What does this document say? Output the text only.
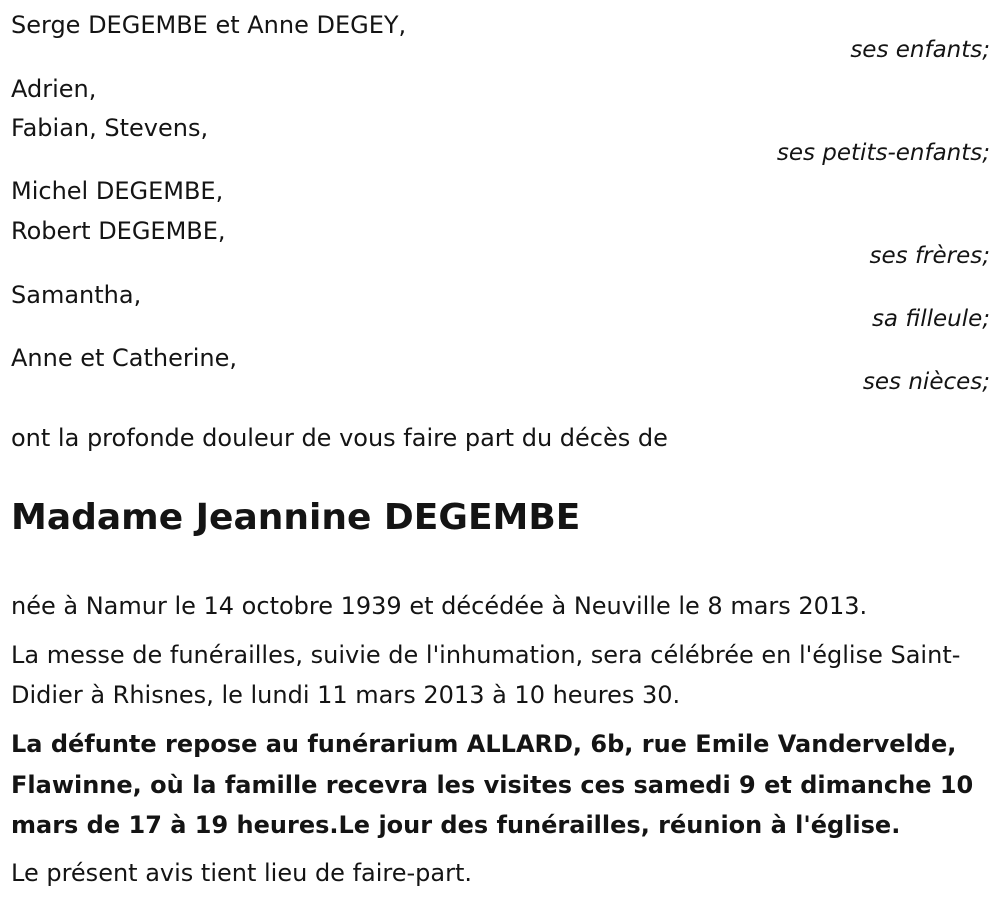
Serge DEGEMBE et Anne DEGEY,
ses enfants;
Adrien,
Fabian, Stevens,
ses petits-enfants;
Michel DEGEMBE,
Robert DEGEMBE,
ses frères;
Samantha,
sa filleule;
Anne et Catherine,
ses nièces;
ont la profonde douleur de vous faire part du décès de
Madame Jeannine DEGEMBE
née à Namur le 14 octobre 1939 et décédée à Neuville le 8 mars 2013.
La messe de funérailles, suivie de l'inhumation, sera célébrée en l'église Saint-Didier à Rhisnes, le lundi 11 mars 2013 à 10 heures 30.
La défunte repose au funérarium ALLARD, 6b, rue Emile Vandervelde, Flawinne, où la famille recevra les visites ces samedi 9 et dimanche 10 mars de 17 à 19 heures.Le jour des funérailles, réunion à l'église.
Le présent avis tient lieu de faire-part.
